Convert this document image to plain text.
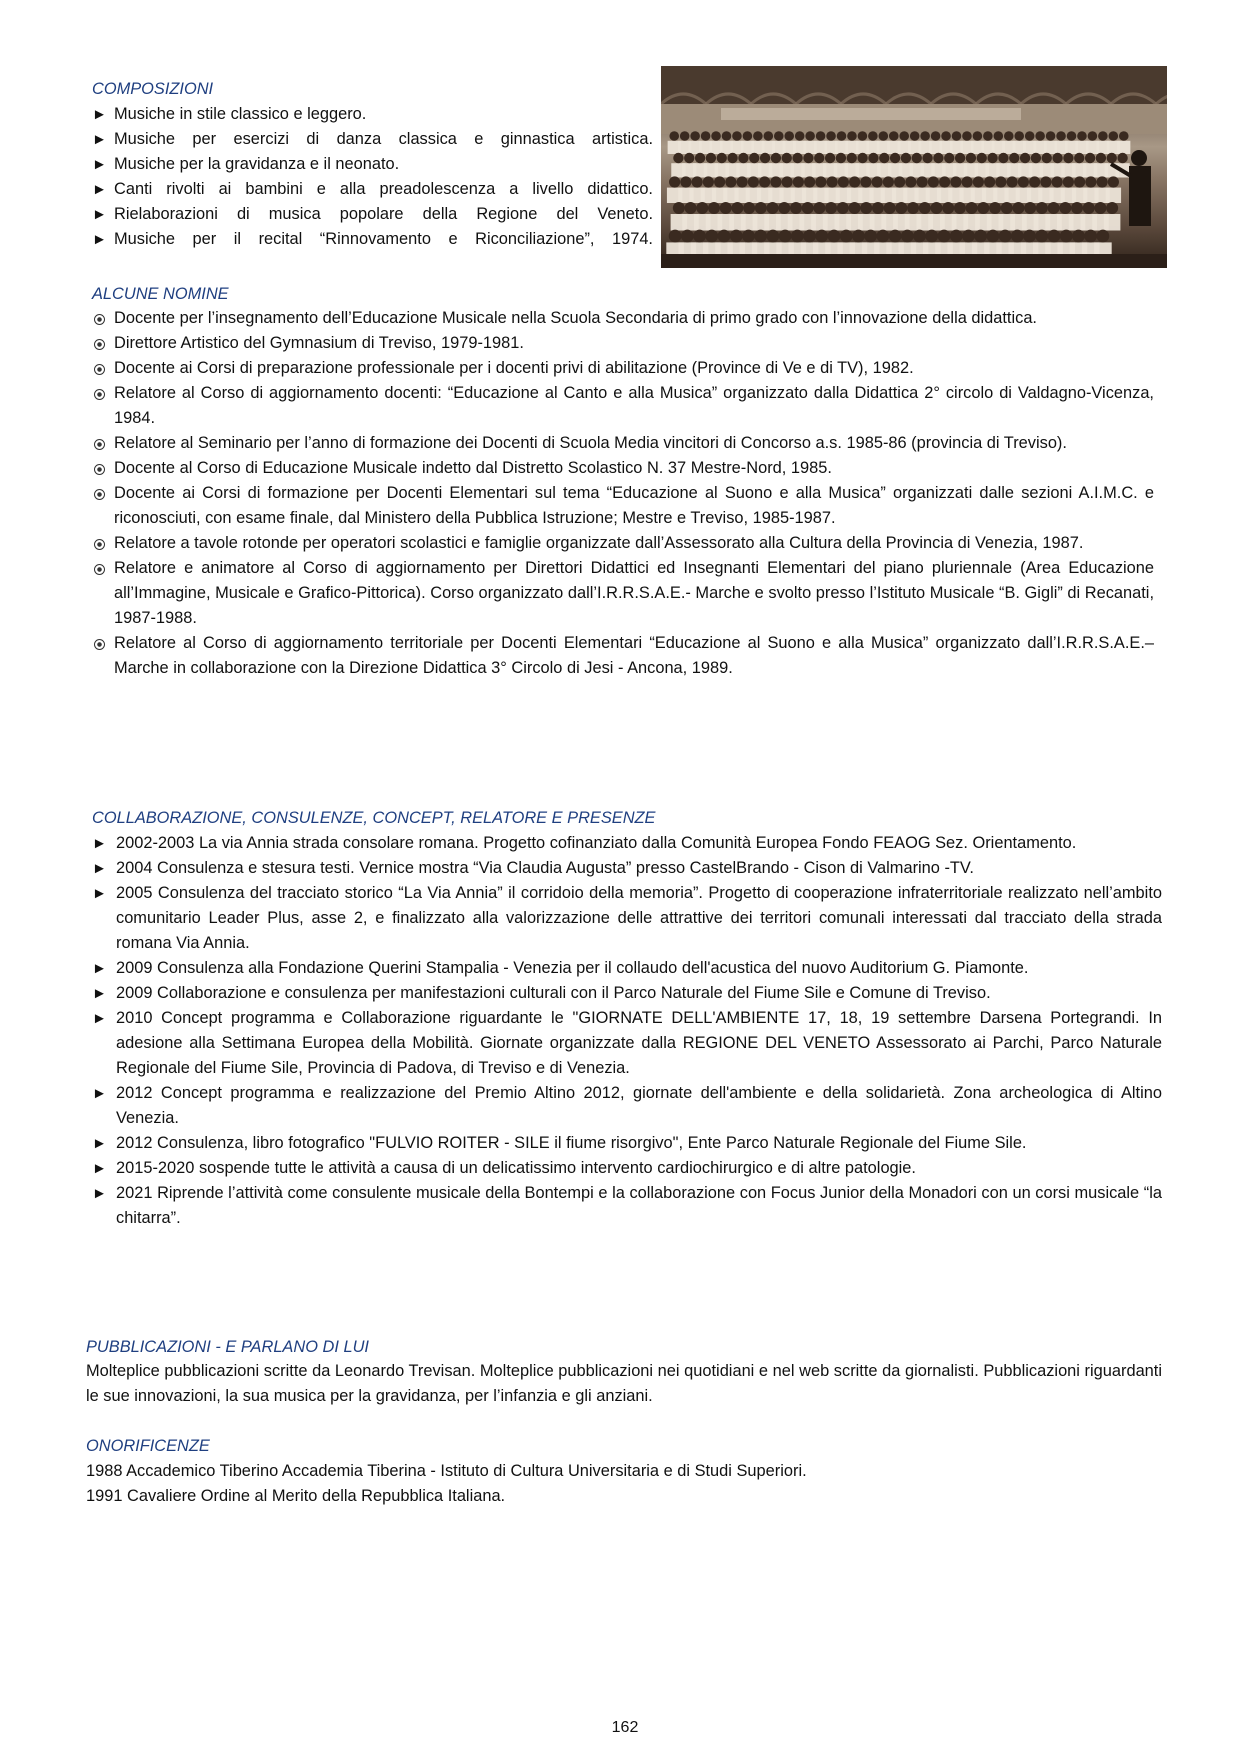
COMPOSIZIONI
► Musiche in stile classico e leggero.
► Musiche per esercizi di danza classica e ginnastica artistica.
► Musiche per la gravidanza e il neonato.
► Canti rivolti ai bambini e alla preadolescenza a livello didattico.
► Rielaborazioni di musica popolare della Regione del Veneto.
► Musiche per il recital “Rinnovamento e Riconciliazione”, 1974.
ALCUNE NOMINE
Docente per l’insegnamento dell’Educazione Musicale nella Scuola Secondaria di primo grado con l’innovazione della didattica.
Direttore Artistico del Gymnasium di Treviso, 1979-1981.
Docente ai Corsi di preparazione professionale per i docenti privi di abilitazione (Province di Ve e di TV), 1982.
Relatore al Corso di aggiornamento docenti: “Educazione al Canto e alla Musica” organizzato dalla Didattica 2° circolo di Valdagno-Vicenza, 1984.
Relatore al Seminario per l’anno di formazione dei Docenti di Scuola Media vincitori di Concorso a.s. 1985-86 (provincia di Treviso).
Docente al Corso di Educazione Musicale indetto dal Distretto Scolastico N. 37 Mestre-Nord, 1985.
Docente ai Corsi di formazione per Docenti Elementari sul tema “Educazione al Suono e alla Musica” organizzati dalle sezioni A.I.M.C. e riconosciuti, con esame finale, dal Ministero della Pubblica Istruzione; Mestre e Treviso, 1985-1987.
Relatore a tavole rotonde per operatori scolastici e famiglie organizzate dall’Assessorato alla Cultura della Provincia di Venezia, 1987.
Relatore e animatore al Corso di aggiornamento per Direttori Didattici ed Insegnanti Elementari del piano pluriennale (Area Educazione all’Immagine, Musicale e Grafico-Pittorica). Corso organizzato dall’I.R.R.S.A.E.- Marche e svolto presso l’Istituto Musicale “B. Gigli” di Recanati, 1987-1988.
Relatore al Corso di aggiornamento territoriale per Docenti Elementari “Educazione al Suono e alla Musica” organizzato dall’I.R.R.S.A.E.–Marche in collaborazione con la Direzione Didattica 3° Circolo di Jesi - Ancona, 1989.
COLLABORAZIONE, CONSULENZE, CONCEPT, RELATORE E PRESENZE
► 2002-2003 La via Annia strada consolare romana. Progetto cofinanziato dalla Comunità Europea Fondo FEAOG Sez. Orientamento.
► 2004 Consulenza e stesura testi. Vernice mostra “Via Claudia Augusta” presso CastelBrando - Cison di Valmarino -TV.
► 2005 Consulenza del tracciato storico “La Via Annia” il corridoio della memoria”. Progetto di cooperazione infraterritoriale realizzato nell’ambito comunitario Leader Plus, asse 2, e finalizzato alla valorizzazione delle attrattive dei territori comunali interessati dal tracciato della strada romana Via Annia.
► 2009 Consulenza alla Fondazione Querini Stampalia - Venezia per il collaudo dell'acustica del nuovo Auditorium G. Piamonte.
► 2009 Collaborazione e consulenza per manifestazioni culturali con il Parco Naturale del Fiume Sile e Comune di Treviso.
► 2010 Concept programma e Collaborazione riguardante le "GIORNATE DELL'AMBIENTE 17, 18, 19 settembre Darsena Portegrandi. In adesione alla Settimana Europea della Mobilità. Giornate organizzate dalla REGIONE DEL VENETO Assessorato ai Parchi, Parco Naturale Regionale del Fiume Sile, Provincia di Padova, di Treviso e di Venezia.
► 2012 Concept programma e realizzazione del Premio Altino 2012, giornate dell'ambiente e della solidarietà. Zona archeologica di Altino Venezia.
► 2012 Consulenza, libro fotografico "FULVIO ROITER - SILE il fiume risorgivo", Ente Parco Naturale Regionale del Fiume Sile.
► 2015-2020 sospende tutte le attività a causa di un delicatissimo intervento cardiochirurgico e di altre patologie.
► 2021 Riprende l’attività come consulente musicale della Bontempi e la collaborazione con Focus Junior della Monadori con un corsi musicale “la chitarra”.
PUBBLICAZIONI - E PARLANO DI LUI

Molteplice pubblicazioni scritte da Leonardo Trevisan. Molteplice pubblicazioni nei quotidiani e nel web scritte da giornalisti. Pubblicazioni riguardanti le sue innovazioni, la sua musica per la gravidanza, per l’infanzia e gli anziani.

ONORIFICENZE
1988 Accademico Tiberino Accademia Tiberina - Istituto di Cultura Universitaria e di Studi Superiori.
1991 Cavaliere Ordine al Merito della Repubblica Italiana.
162
